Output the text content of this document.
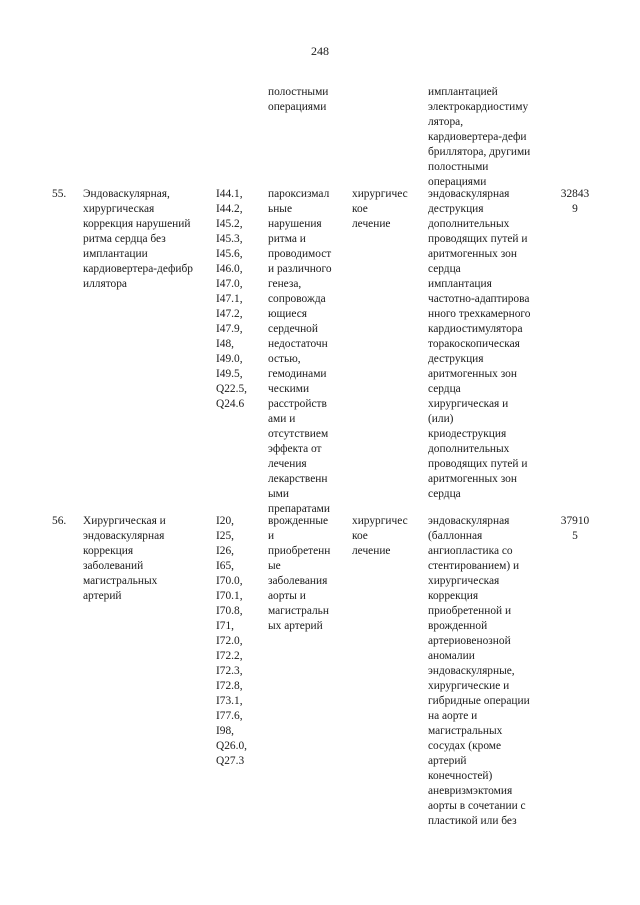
248
полостными
операциями
имплантацией
электрокардиостиму
лятора,
кардиовертера-дефи
бриллятора, другими
полостными
операциями
55. Эндоваскулярная,
хирургическая
коррекция нарушений
ритма сердца без
имплантации
кардиовертера-дефибр
иллятора
I44.1,
I44.2,
I45.2,
I45.3,
I45.6,
I46.0,
I47.0,
I47.1,
I47.2,
I47.9,
I48,
I49.0,
I49.5,
Q22.5,
Q24.6
пароксизмал
ьные
нарушения
ритма и
проводимост
и различного
генеза,
сопровожда
ющиеся
сердечной
недостаточн
остью,
гемодинами
ческими
расстройств
ами и
отсутствием
эффекта от
лечения
лекарственн
ыми
препаратами
хирургичес
кое
лечение
эндоваскулярная
деструкция
дополнительных
проводящих путей и
аритмогенных зон
сердца
имплантация
частотно-адаптирова
нного трехкамерного
кардиостимулятора
торакоскопическая
деструкция
аритмогенных зон
сердца
хирургическая и
(или)
криодеструкция
дополнительных
проводящих путей и
аритмогенных зон
сердца
32843
9
56. Хирургическая и
эндоваскулярная
коррекция
заболеваний
магистральных
артерий
I20,
I25,
I26,
I65,
I70.0,
I70.1,
I70.8,
I71,
I72.0,
I72.2,
I72.3,
I72.8,
I73.1,
I77.6,
I98,
Q26.0,
Q27.3
врожденные
и
приобретенн
ые
заболевания
аорты и
магистральн
ых артерий
хирургичес
кое
лечение
эндоваскулярная
(баллонная
ангиопластика со
стентированием) и
хирургическая
коррекция
приобретенной и
врожденной
артериовенозной
аномалии
эндоваскулярные,
хирургические и
гибридные операции
на аорте и
магистральных
сосудах (кроме
артерий
конечностей)
аневризмэктомия
аорты в сочетании с
пластикой или без
37910
5
